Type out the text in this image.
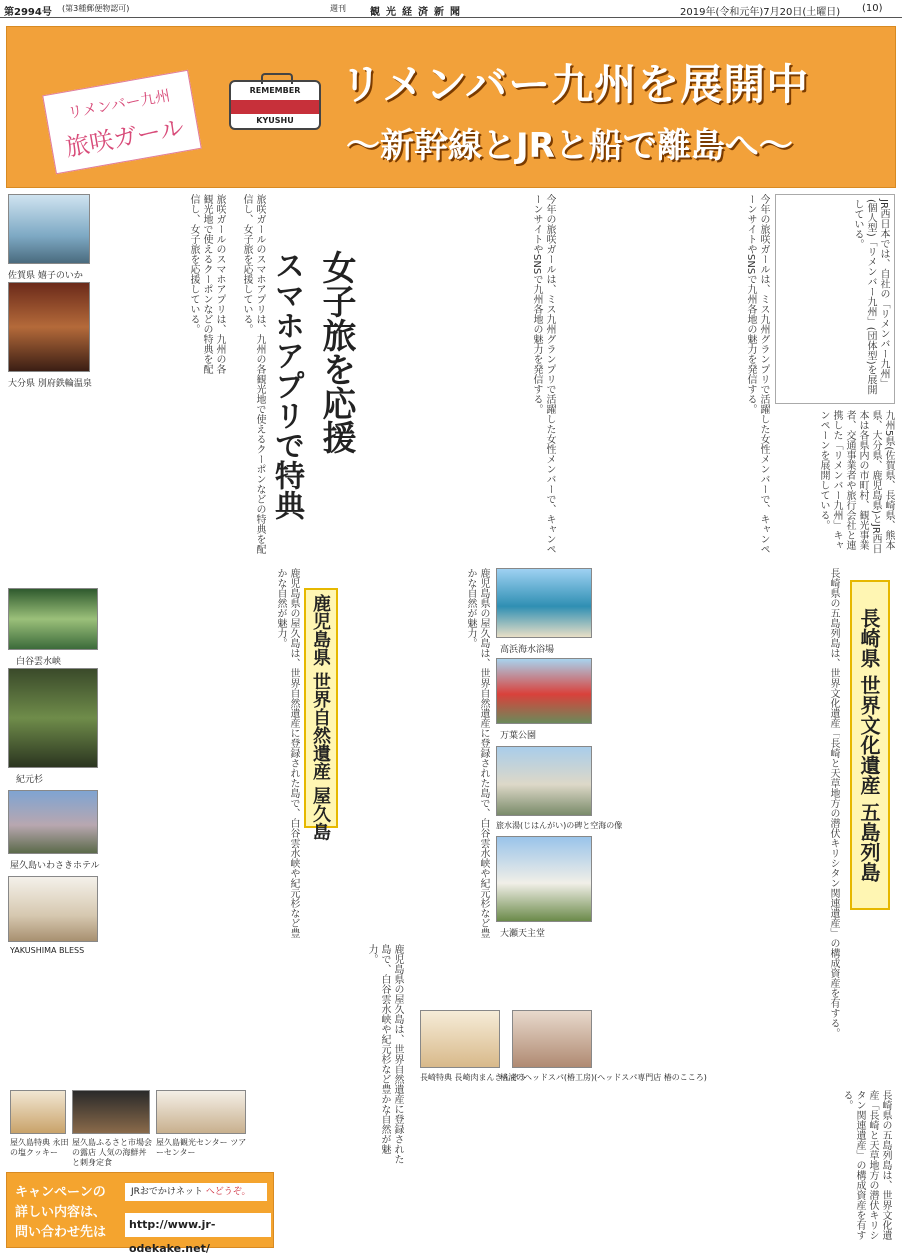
第2994号 (第3種郵便物認可)	週刊 観光経済新聞	2019年(令和元年)7月20日(土曜日) (10)
リメンバー九州
旅咲ガール
REMEMBER
KYUSHU
リメンバー九州を展開中
〜新幹線とJRと船で離島へ〜
佐賀県 嬉子のいか
大分県 別府鉄輪温泉
旅咲ガールのスマホアプリは、九州の各観光地で使えるクーポンなどの特典を配信し、女子旅を応援している。	女子旅を応援
スマホアプリで特典
旅咲ガールのスマホアプリは、九州の各観光地で使えるクーポンなどの特典を配信し、女子旅を応援している。	今年の旅咲ガールは、ミス九州グランプリで活躍した女性メンバーで、キャンペーンサイトやSNSで九州各地の魅力を発信する。	今年の旅咲ガールは、ミス九州グランプリで活躍した女性メンバーで、キャンペーンサイトやSNSで九州各地の魅力を発信する。	JR西日本では、自社の「リメンバー九州」(個人型)「リメンバー九州」(団体型)を展開している。
九州5県(佐賀県、長崎県、熊本県、大分県、鹿児島県)とJR西日本は各県内の市町村、観光事業者、交通事業者や旅行会社と連携した「リメンバー九州」キャンペーンを展開している。
白谷雲水峡
紀元杉
屋久島いわさきホテル
YAKUSHIMA BLESS
鹿児島県の屋久島は、世界自然遺産に登録された島で、白谷雲水峡や紀元杉など豊かな自然が魅力。	鹿児島県 世界自然遺産 屋久島	鹿児島県の屋久島は、世界自然遺産に登録された島で、白谷雲水峡や紀元杉など豊かな自然が魅力。
鹿児島県の屋久島は、世界自然遺産に登録された島で、白谷雲水峡や紀元杉など豊かな自然が魅力。
高浜海水浴場
万葉公園
旅水湯(じはんがい)の碑と空海の像
大瀬天主堂
長崎特典 長崎肉まんきんぞう
椿油のヘッドスパ(椿工房)(ヘッドスパ専門店 椿のこころ)
長崎県の五島列島は、世界文化遺産「長崎と天草地方の潜伏キリシタン関連遺産」の構成資産を有する。 長崎県 世界文化遺産 五島列島
長崎県の五島列島は、世界文化遺産「長崎と天草地方の潜伏キリシタン関連遺産」の構成資産を有する。
屋久島特典 永田の塩クッキー
屋久島ふるさと市場会の露店 人気の海鮮丼と刺身定食
屋久島観光センター ツアーセンター
キャンペーンの
詳しい内容は、
問い合わせ先は
JRおでかけネット へどうぞ。
http://www.jr-odekake.net/
